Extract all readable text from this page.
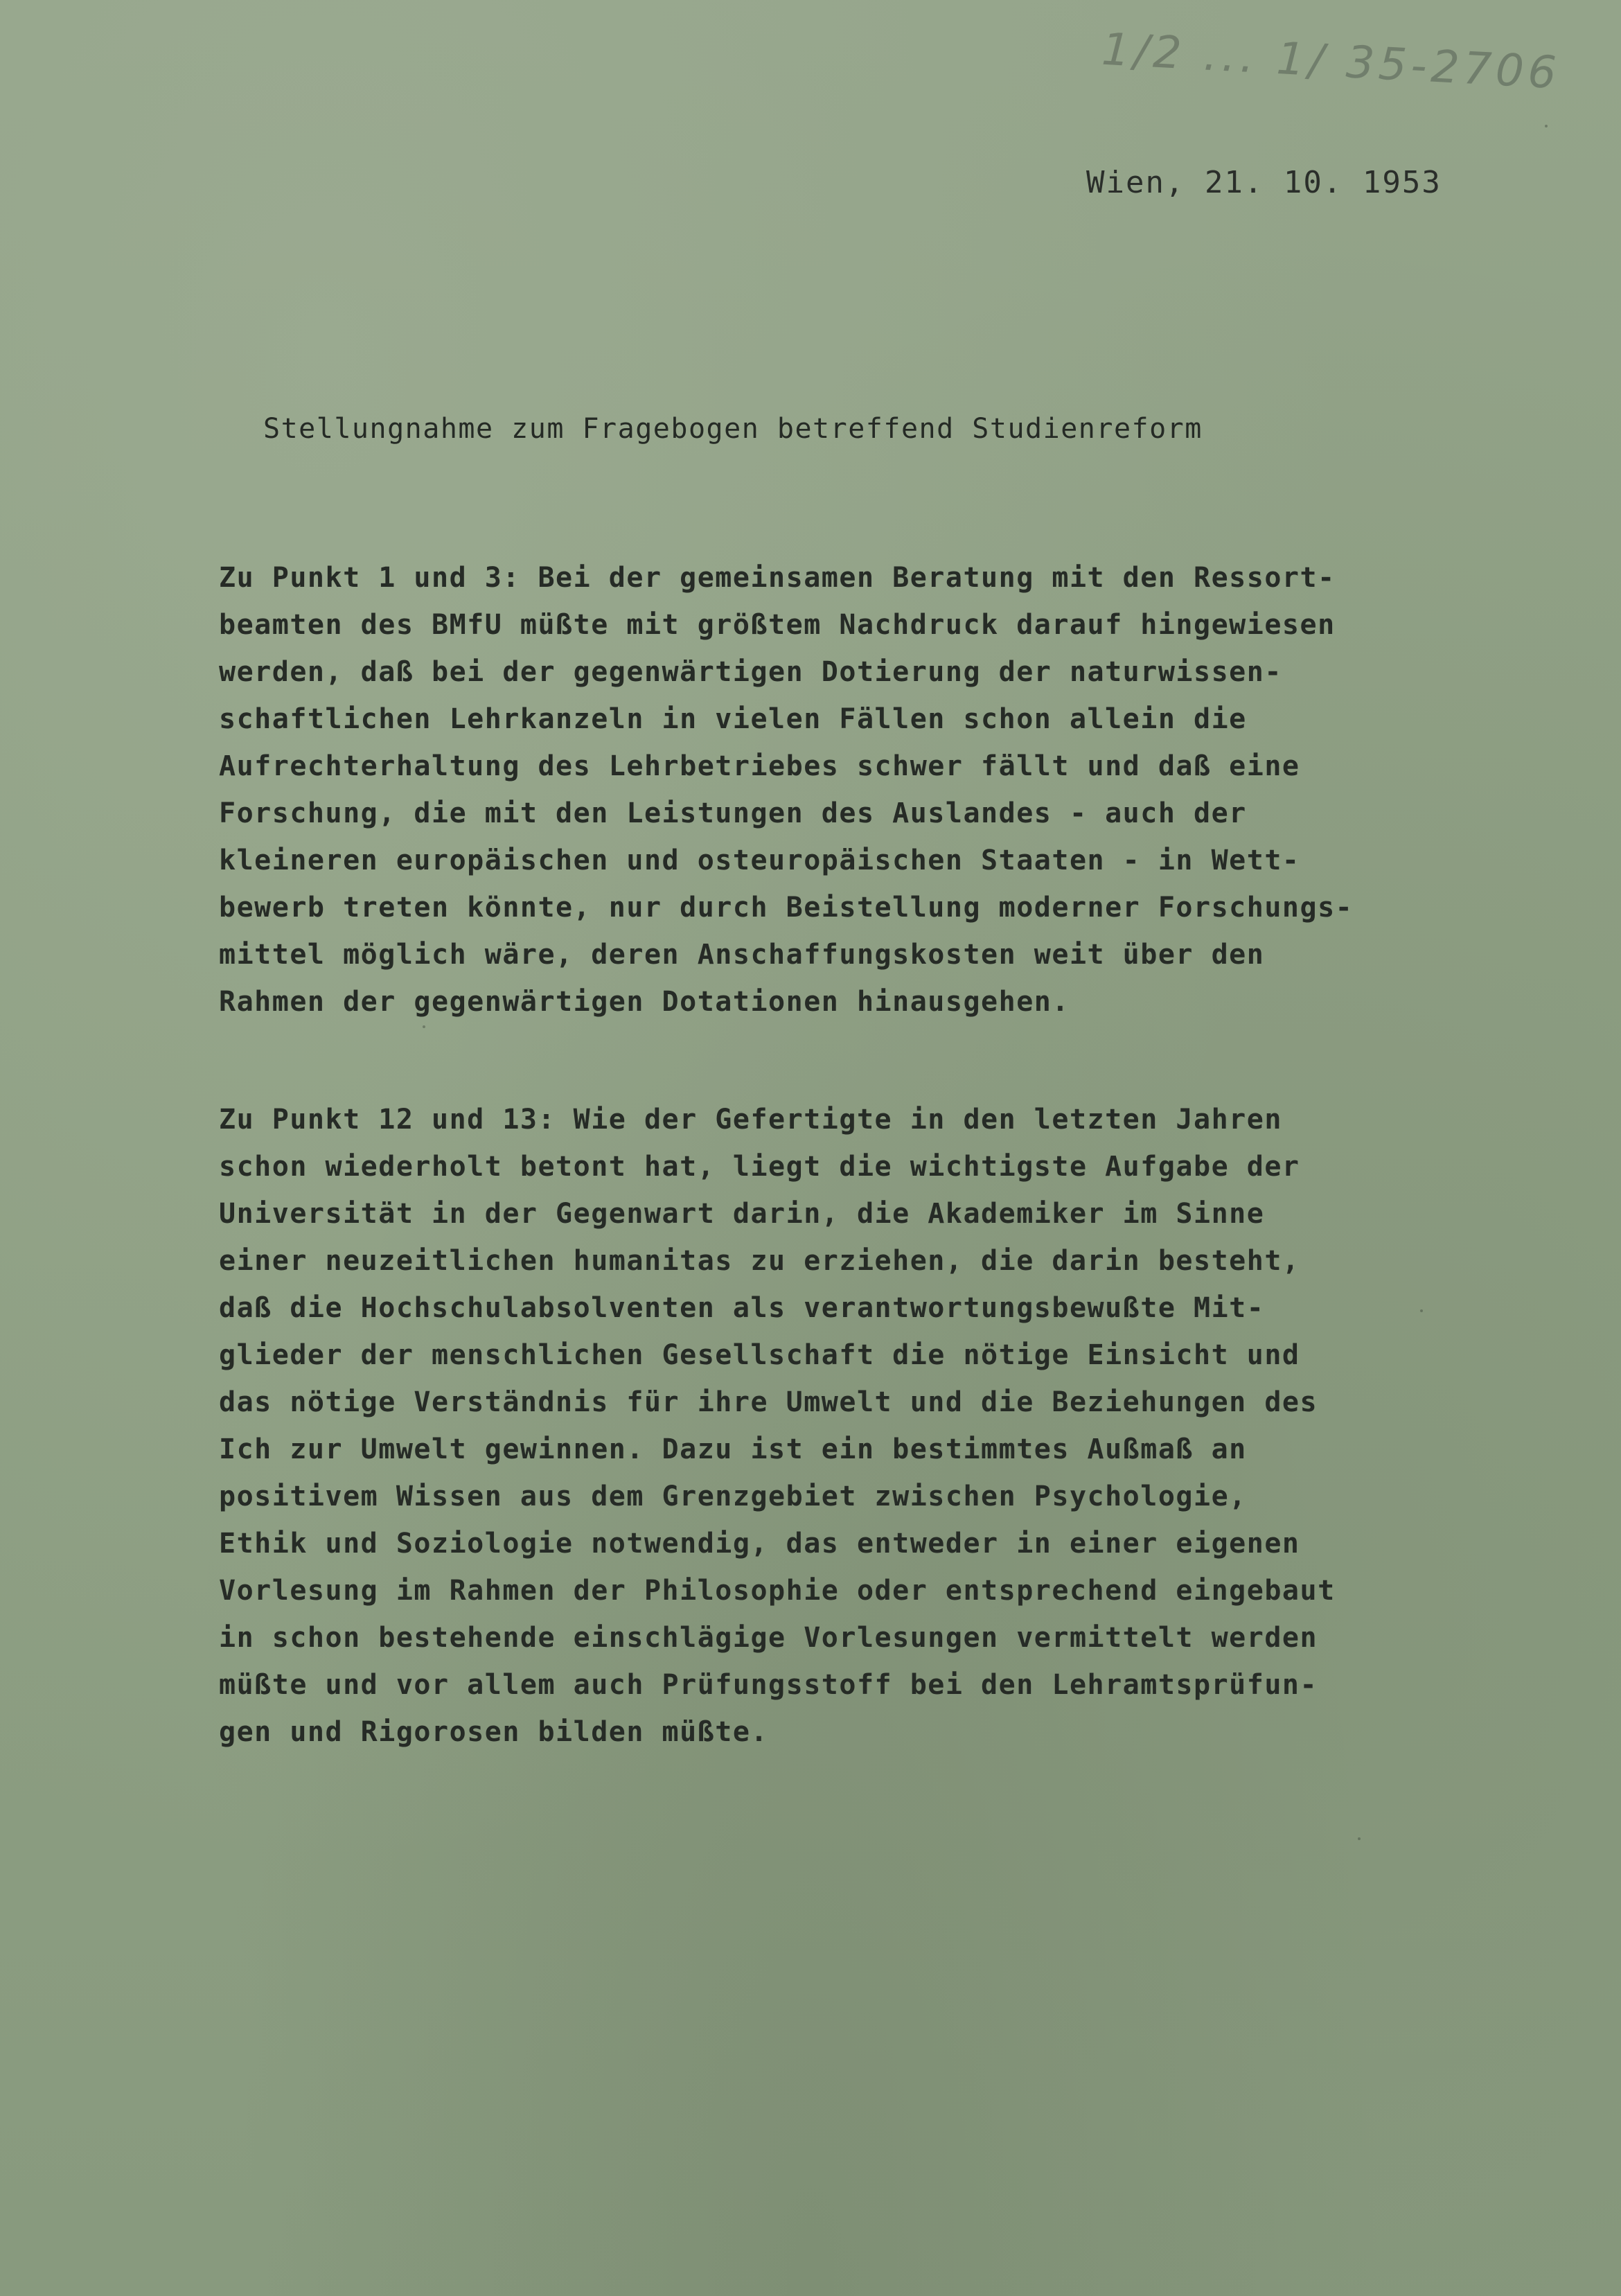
1/2 ... 1/ 35-2706
Wien, 21. 10. 1953
Stellungnahme zum Fragebogen betreffend Studienreform
Zu Punkt 1 und 3: Bei der gemeinsamen Beratung mit den Ressort-
beamten des BMfU müßte mit größtem Nachdruck darauf hingewiesen
werden, daß bei der gegenwärtigen Dotierung der naturwissen-
schaftlichen Lehrkanzeln in vielen Fällen schon allein die
Aufrechterhaltung des Lehrbetriebes schwer fällt und daß eine
Forschung, die mit den Leistungen des Auslandes - auch der
kleineren europäischen und osteuropäischen Staaten - in Wett-
bewerb treten könnte, nur durch Beistellung moderner Forschungs-
mittel möglich wäre, deren Anschaffungskosten weit über den
Rahmen der gegenwärtigen Dotationen hinausgehen.
Zu Punkt 12 und 13: Wie der Gefertigte in den letzten Jahren
schon wiederholt betont hat, liegt die wichtigste Aufgabe der
Universität in der Gegenwart darin, die Akademiker im Sinne
einer neuzeitlichen humanitas zu erziehen, die darin besteht,
daß die Hochschulabsolventen als verantwortungsbewußte Mit-
glieder der menschlichen Gesellschaft die nötige Einsicht und
das nötige Verständnis für ihre Umwelt und die Beziehungen des
Ich zur Umwelt gewinnen. Dazu ist ein bestimmtes Außmaß an
positivem Wissen aus dem Grenzgebiet zwischen Psychologie,
Ethik und Soziologie notwendig, das entweder in einer eigenen
Vorlesung im Rahmen der Philosophie oder entsprechend eingebaut
in schon bestehende einschlägige Vorlesungen vermittelt werden
müßte und vor allem auch Prüfungsstoff bei den Lehramtsprüfun-
gen und Rigorosen bilden müßte.
